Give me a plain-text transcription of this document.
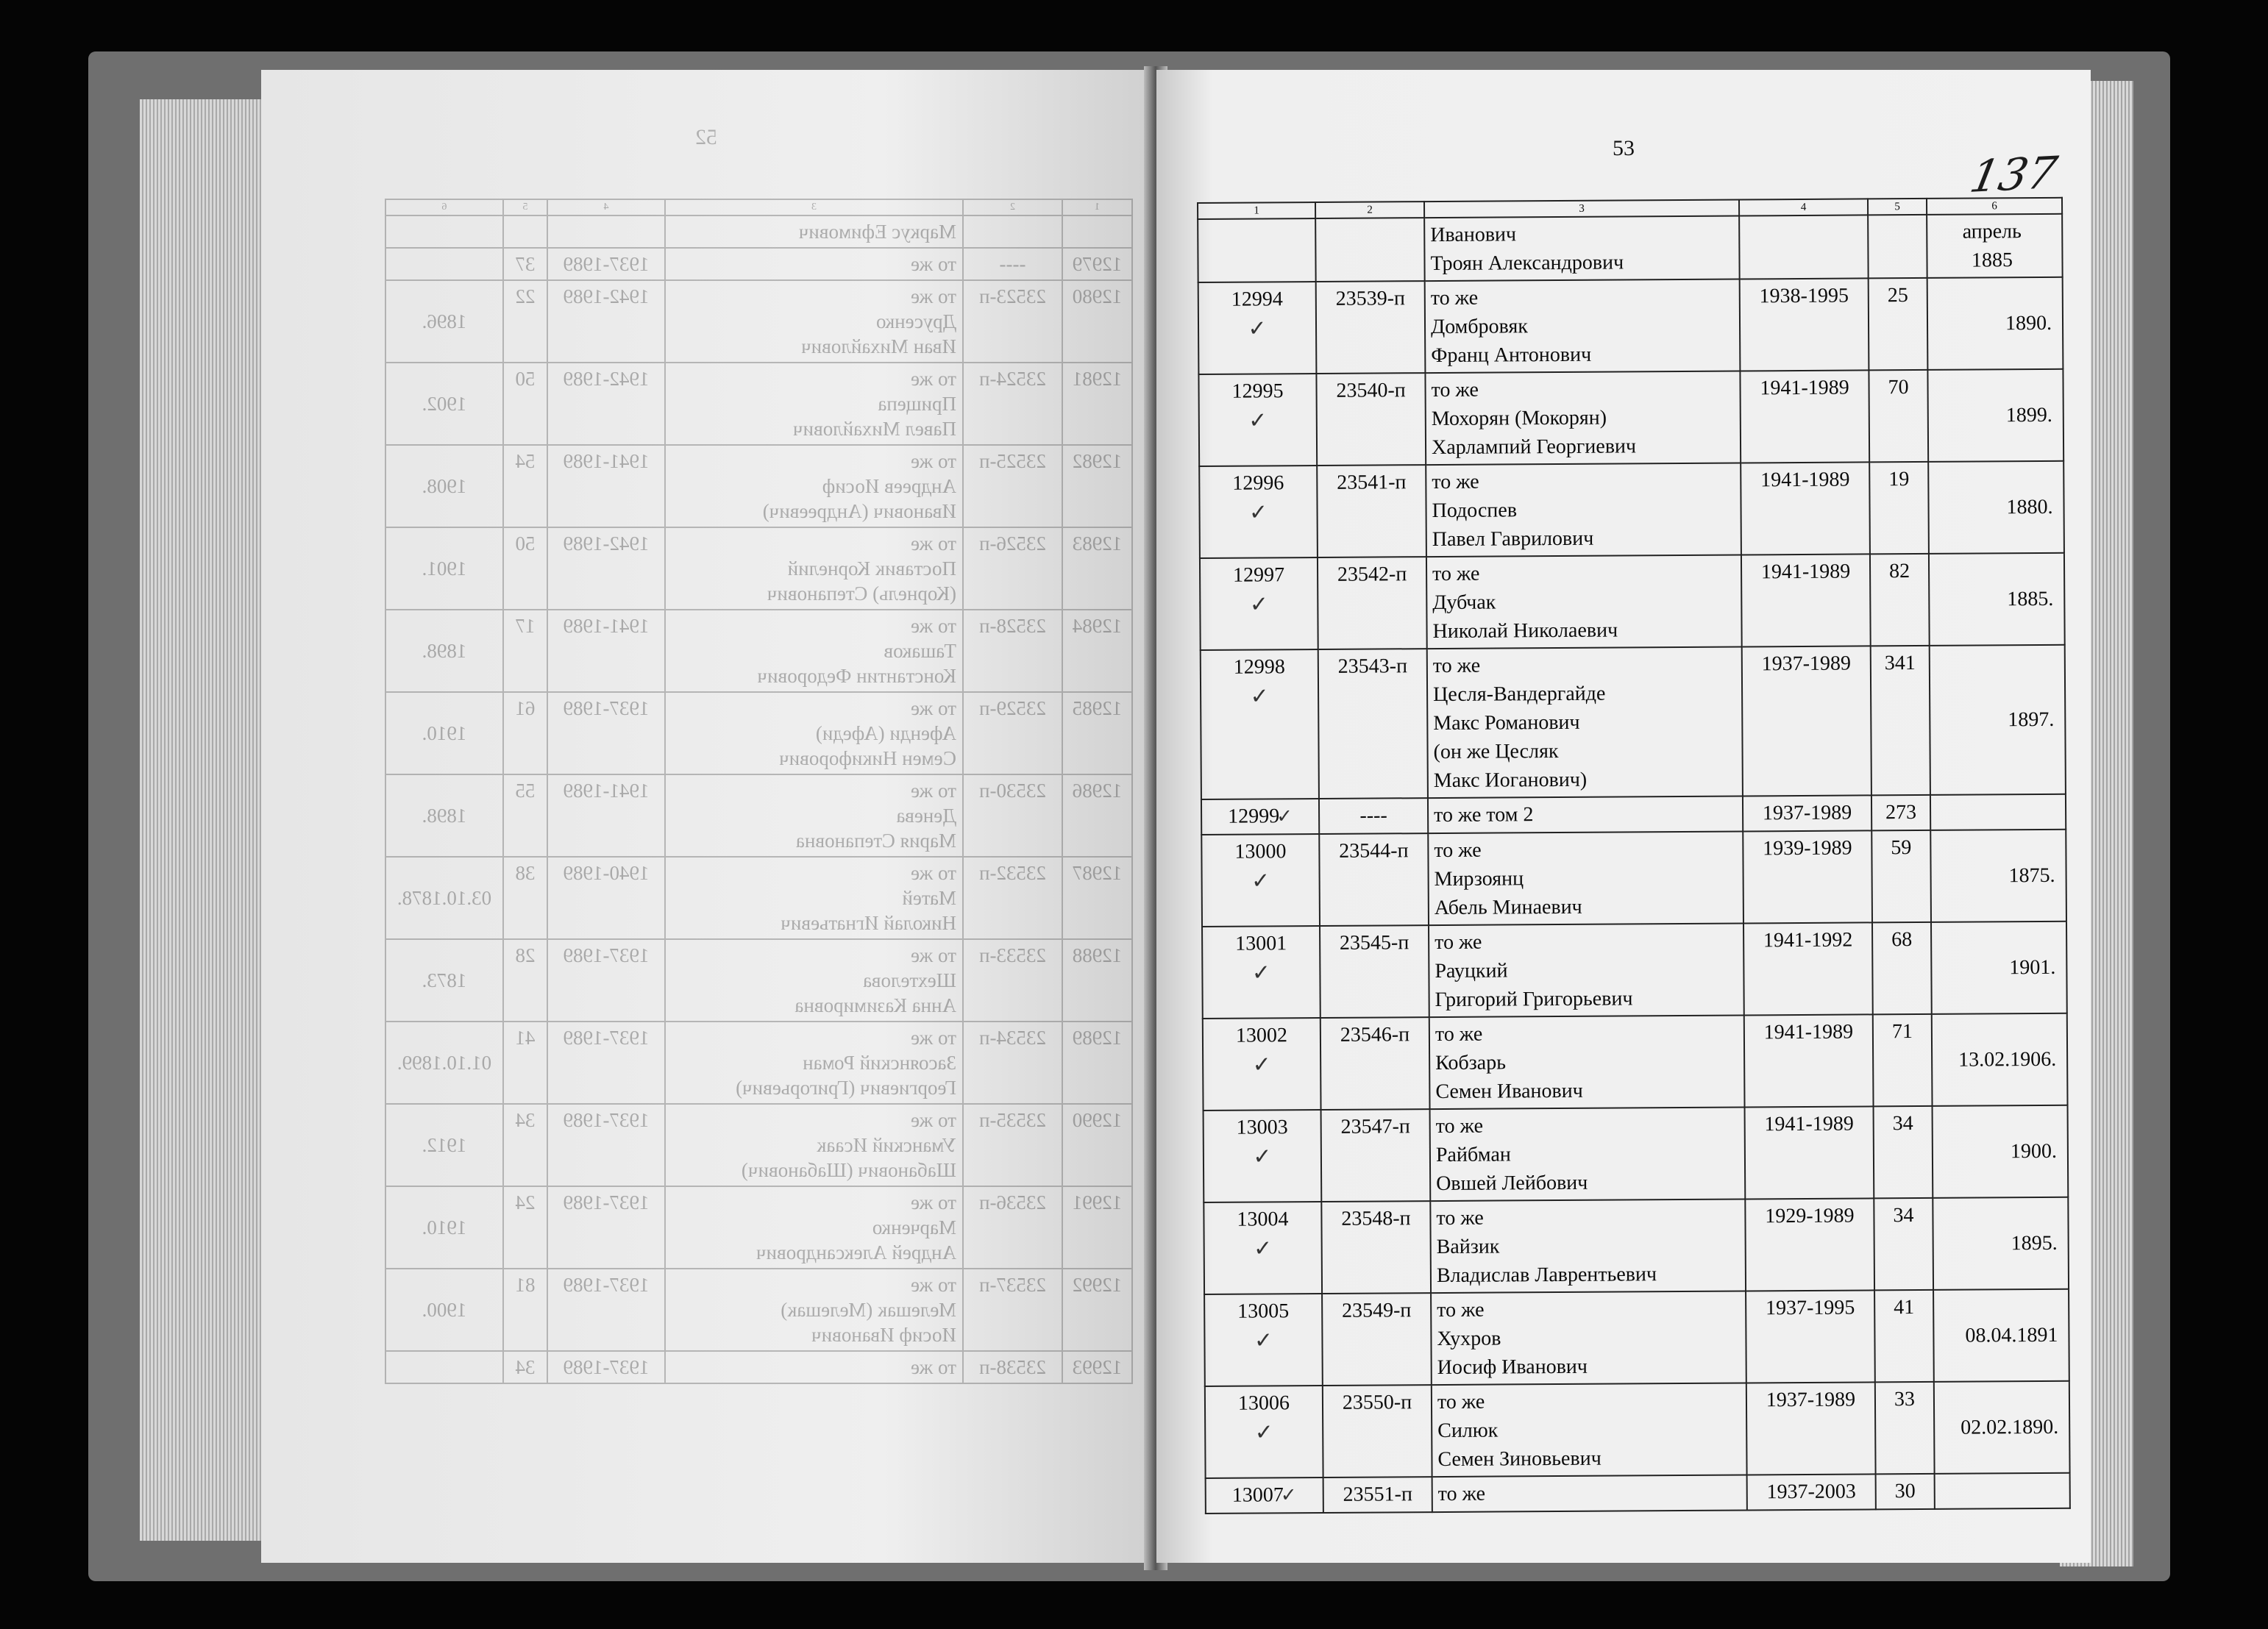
52
1	2	3	4	5	6
		Маркус Ефимович			
12979	----	то же	1937-1989	37	
12980	23523-п	то же
Друсенко
Иван Михайлович	1942-1989	22	1896.
12981	23524-п	то же
Прищепа
Павел Михайлович	1942-1989	50	1902.
12982	23525-п	то же
Андреев Иосиф
Иванович (Андреевич)	1941-1989	54	1908.
12983	23526-п	то же
Поставик Корнелий
(Корнель) Степанович	1942-1989	50	1901.
12984	23528-п	то же
Ташаков
Константин Федорович	1941-1989	17	1898.
12985	23529-п	то же
Афенди (Афеди)
Семен Никифорович	1937-1989	61	1910.
12986	23530-п	то же
Денева
Мария Степановна	1941-1989	55	1898.
12987	23532-п	то же
Матей
Николай Игнатьевич	1940-1989	38	03.10.1878.
12988	23533-п	то же
Шехтелова
Анна Казимировна	1937-1989	28	1873.
12989	23534-п	то же
Засоянский Роман
Георгиевич (Григорьевич)	1937-1989	41	01.10.1899.
12990	23535-п	то же
Уманский Исаак
Шабанович (Шабанович)	1937-1989	34	1912.
12991	23536-п	то же
Марченко
Андрей Александрович	1937-1989	24	1910.
12992	23537-п	то же
Мелешак (Мелешак)
Иосиф Иванович	1937-1989	81	1900.
12993	23538-п	то же	1937-1989	34	
53	137
1	2	3	4	5	6

		Иванович
Троян Александрович			апрель
1885

12994
✓	23539-п	то же
Домбровяк
Франц Антонович	1938-1995	25	1890.
12995
✓	23540-п	то же
Мохорян (Мокорян)
Харлампий Георгиевич	1941-1989	70	1899.
12996
✓	23541-п	то же
Подоспев
Павел Гаврилович	1941-1989	19	1880.
12997
✓	23542-п	то же
Дубчак
Николай Николаевич	1941-1989	82	1885.
12998
✓	23543-п	то же
Цесля-Вандергайде
Макс Романович
(он же Цесляк
Макс Иоганович)	1937-1989	341	1897.
12999✓	----	то же том 2	1937-1989	273	
13000
✓	23544-п	то же
Мирзоянц
Абель Минаевич	1939-1989	59	1875.
13001
✓	23545-п	то же
Рауцкий
Григорий Григорьевич	1941-1992	68	1901.
13002
✓	23546-п	то же
Кобзарь
Семен Иванович	1941-1989	71	13.02.1906.
13003
✓	23547-п	то же
Райбман
Овшей Лейбович	1941-1989	34	1900.
13004
✓	23548-п	то же
Вайзик
Владислав Лаврентьевич	1929-1989	34	1895.
13005
✓	23549-п	то же
Хухров
Иосиф Иванович	1937-1995	41	08.04.1891
13006
✓	23550-п	то же
Силюк
Семен Зиновьевич	1937-1989	33	02.02.1890.
13007✓	23551-п	то же	1937-2003	30	
